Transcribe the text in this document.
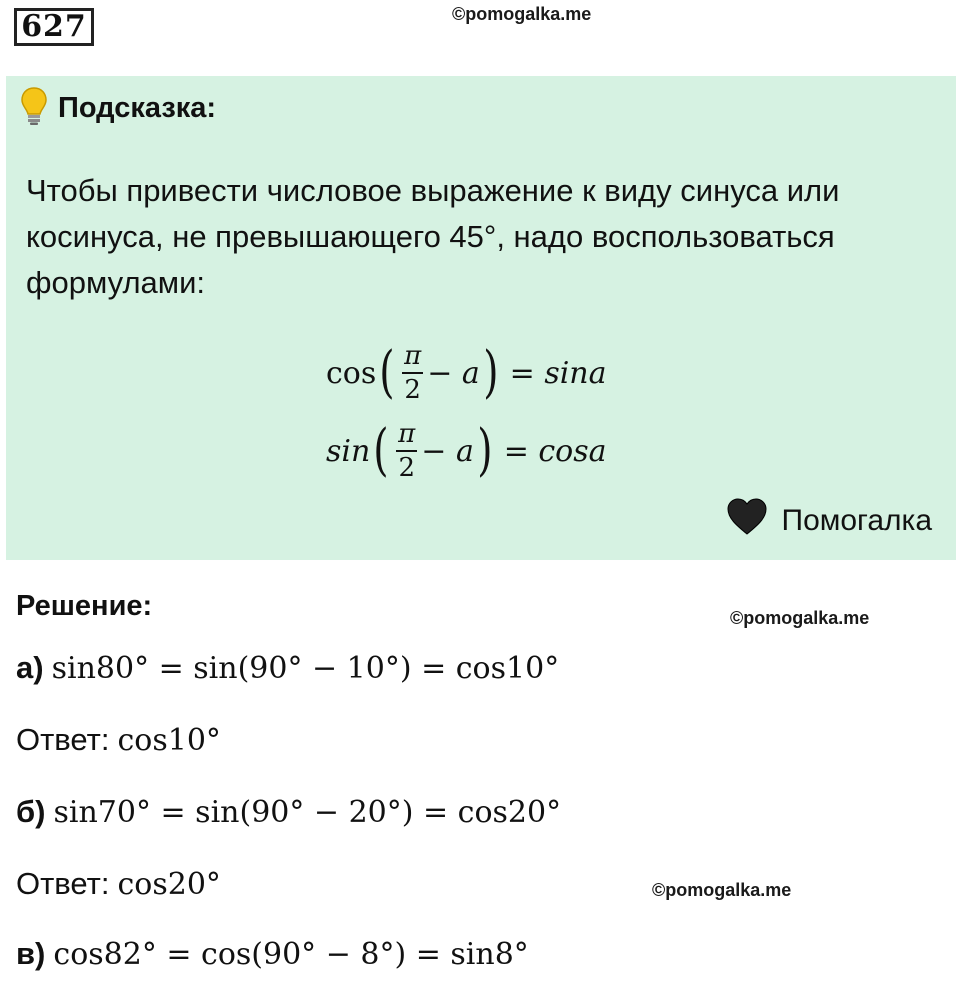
627	©pomogalka.me
Подсказка:
Чтобы привести числовое выражение к виду синуса или косинуса, не превышающего 45°, надо воспользоваться формулами:
cos ( $\frac{\pi}{2} - a$ ) = sina
sin ( $\frac{\pi}{2} - a$ ) = cosa
Помогалка
Решение:	©pomogalka.me
а) sin80° = sin(90° − 10°) = cos10°
Ответ: cos10°
б) sin70° = sin(90° − 20°) = cos20°
Ответ: cos20°	©pomogalka.me
в) cos82° = cos(90° − 8°) = sin8°
